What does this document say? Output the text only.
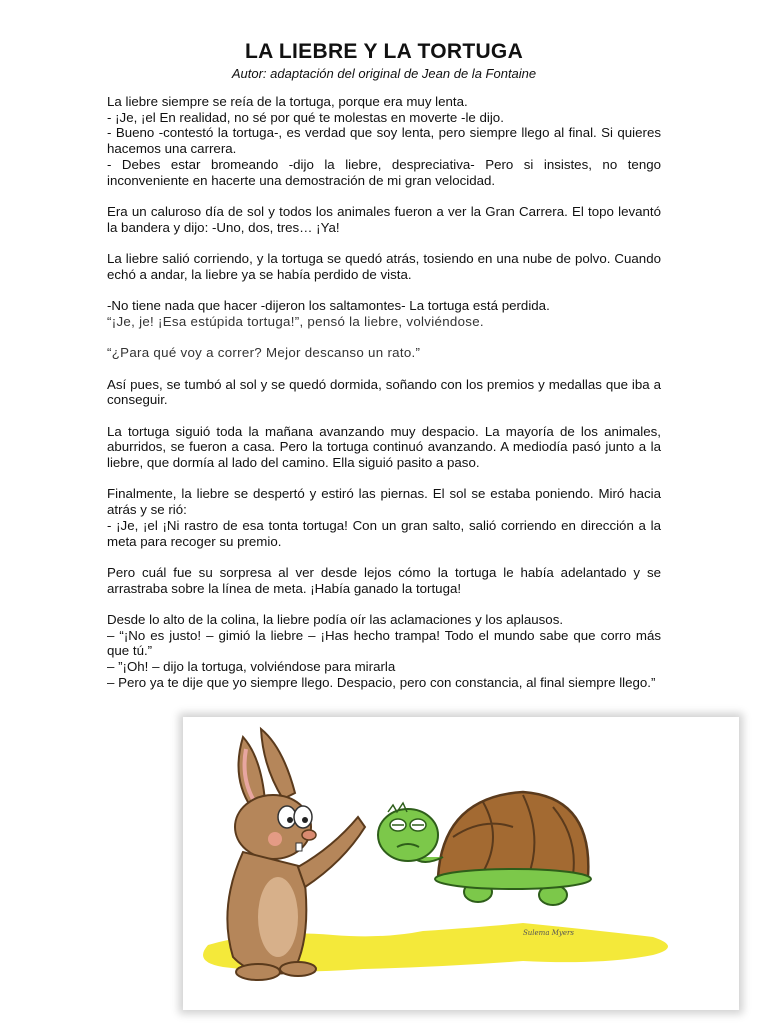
LA LIEBRE Y LA TORTUGA
Autor: adaptación del original de Jean de la Fontaine

La liebre siempre se reía de la tortuga, porque era muy lenta.
- ¡Je, ¡el En realidad, no sé por qué te molestas en moverte -le dijo.
- Bueno -contestó la tortuga-, es verdad que soy lenta, pero siempre llego al final. Si quieres hacemos una carrera.
- Debes estar bromeando -dijo la liebre, despreciativa- Pero si insistes, no tengo inconveniente en hacerte una demostración de mi gran velocidad.

Era un caluroso día de sol y todos los animales fueron a ver la Gran Carrera. El topo levantó la bandera y dijo: -Uno, dos, tres… ¡Ya!

La liebre salió corriendo, y la tortuga se quedó atrás, tosiendo en una nube de polvo. Cuando echó a andar, la liebre ya se había perdido de vista.

-No tiene nada que hacer -dijeron los saltamontes- La tortuga está perdida.
“¡Je, je! ¡Esa estúpida tortuga!”, pensó la liebre, volviéndose.

“¿Para qué voy a correr? Mejor descanso un rato.”

Así pues, se tumbó al sol y se quedó dormida, soñando con los premios y medallas que iba a conseguir.

La tortuga siguió toda la mañana avanzando muy despacio. La mayoría de los animales, aburridos, se fueron a casa. Pero la tortuga continuó avanzando. A mediodía pasó junto a la liebre, que dormía al lado del camino. Ella siguió pasito a paso.

Finalmente, la liebre se despertó y estiró las piernas. El sol se estaba poniendo. Miró hacia atrás y se rió:
- ¡Je, ¡el ¡Ni rastro de esa tonta tortuga! Con un gran salto, salió corriendo en dirección a la meta para recoger su premio.

Pero cuál fue su sorpresa al ver desde lejos cómo la tortuga le había adelantado y se arrastraba sobre la línea de meta. ¡Había ganado la tortuga!

Desde lo alto de la colina, la liebre podía oír las aclamaciones y los aplausos.
– “¡No es justo! – gimió la liebre – ¡Has hecho trampa! Todo el mundo sabe que corro más que tú.”
– ”¡Oh! – dijo la tortuga, volviéndose para mirarla
– Pero ya te dije que yo siempre llego. Despacio, pero con constancia, al final siempre llego.”

Sulema Myers
